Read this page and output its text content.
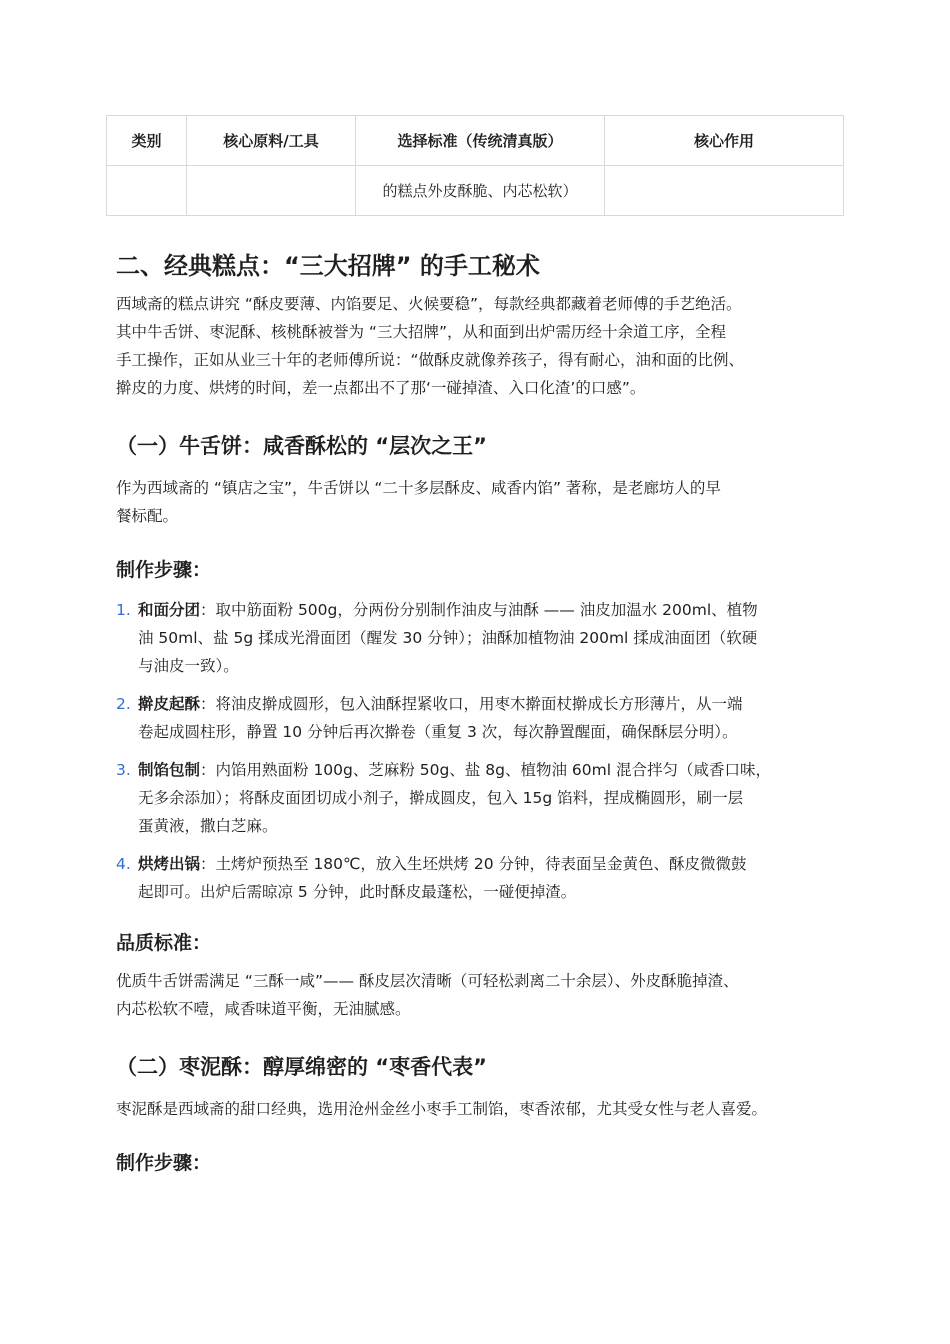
类别	核心原料/工具	选择标准（传统清真版）	核心作用
		的糕点外皮酥脆、内芯松软）	
二、经典糕点：“三大招牌” 的手工秘术
西域斋的糕点讲究 “酥皮要薄、内馅要足、火候要稳”，每款经典都藏着老师傅的手艺绝活。
其中牛舌饼、枣泥酥、核桃酥被誉为 “三大招牌”，从和面到出炉需历经十余道工序，全程
手工操作，正如从业三十年的老师傅所说：“做酥皮就像养孩子，得有耐心，油和面的比例、
擀皮的力度、烘烤的时间，差一点都出不了那‘一碰掉渣、入口化渣’的口感”。
（一）牛舌饼：咸香酥松的 “层次之王”
作为西域斋的 “镇店之宝”，牛舌饼以 “二十多层酥皮、咸香内馅” 著称，是老廊坊人的早
餐标配。
制作步骤：
1. 和面分团：取中筋面粉 500g，分两份分别制作油皮与油酥 —— 油皮加温水 200ml、植物
油 50ml、盐 5g 揉成光滑面团（醒发 30 分钟）；油酥加植物油 200ml 揉成油面团（软硬
与油皮一致）。
2. 擀皮起酥：将油皮擀成圆形，包入油酥捏紧收口，用枣木擀面杖擀成长方形薄片，从一端
卷起成圆柱形，静置 10 分钟后再次擀卷（重复 3 次，每次静置醒面，确保酥层分明）。
3. 制馅包制：内馅用熟面粉 100g、芝麻粉 50g、盐 8g、植物油 60ml 混合拌匀（咸香口味，
无多余添加）；将酥皮面团切成小剂子，擀成圆皮，包入 15g 馅料，捏成椭圆形，刷一层
蛋黄液，撒白芝麻。
4. 烘烤出锅：土烤炉预热至 180℃，放入生坯烘烤 20 分钟，待表面呈金黄色、酥皮微微鼓
起即可。出炉后需晾凉 5 分钟，此时酥皮最蓬松，一碰便掉渣。
品质标准：
优质牛舌饼需满足 “三酥一咸”—— 酥皮层次清晰（可轻松剥离二十余层）、外皮酥脆掉渣、
内芯松软不噎，咸香味道平衡，无油腻感。
（二）枣泥酥：醇厚绵密的 “枣香代表”
枣泥酥是西域斋的甜口经典，选用沧州金丝小枣手工制馅，枣香浓郁，尤其受女性与老人喜爱。
制作步骤：
